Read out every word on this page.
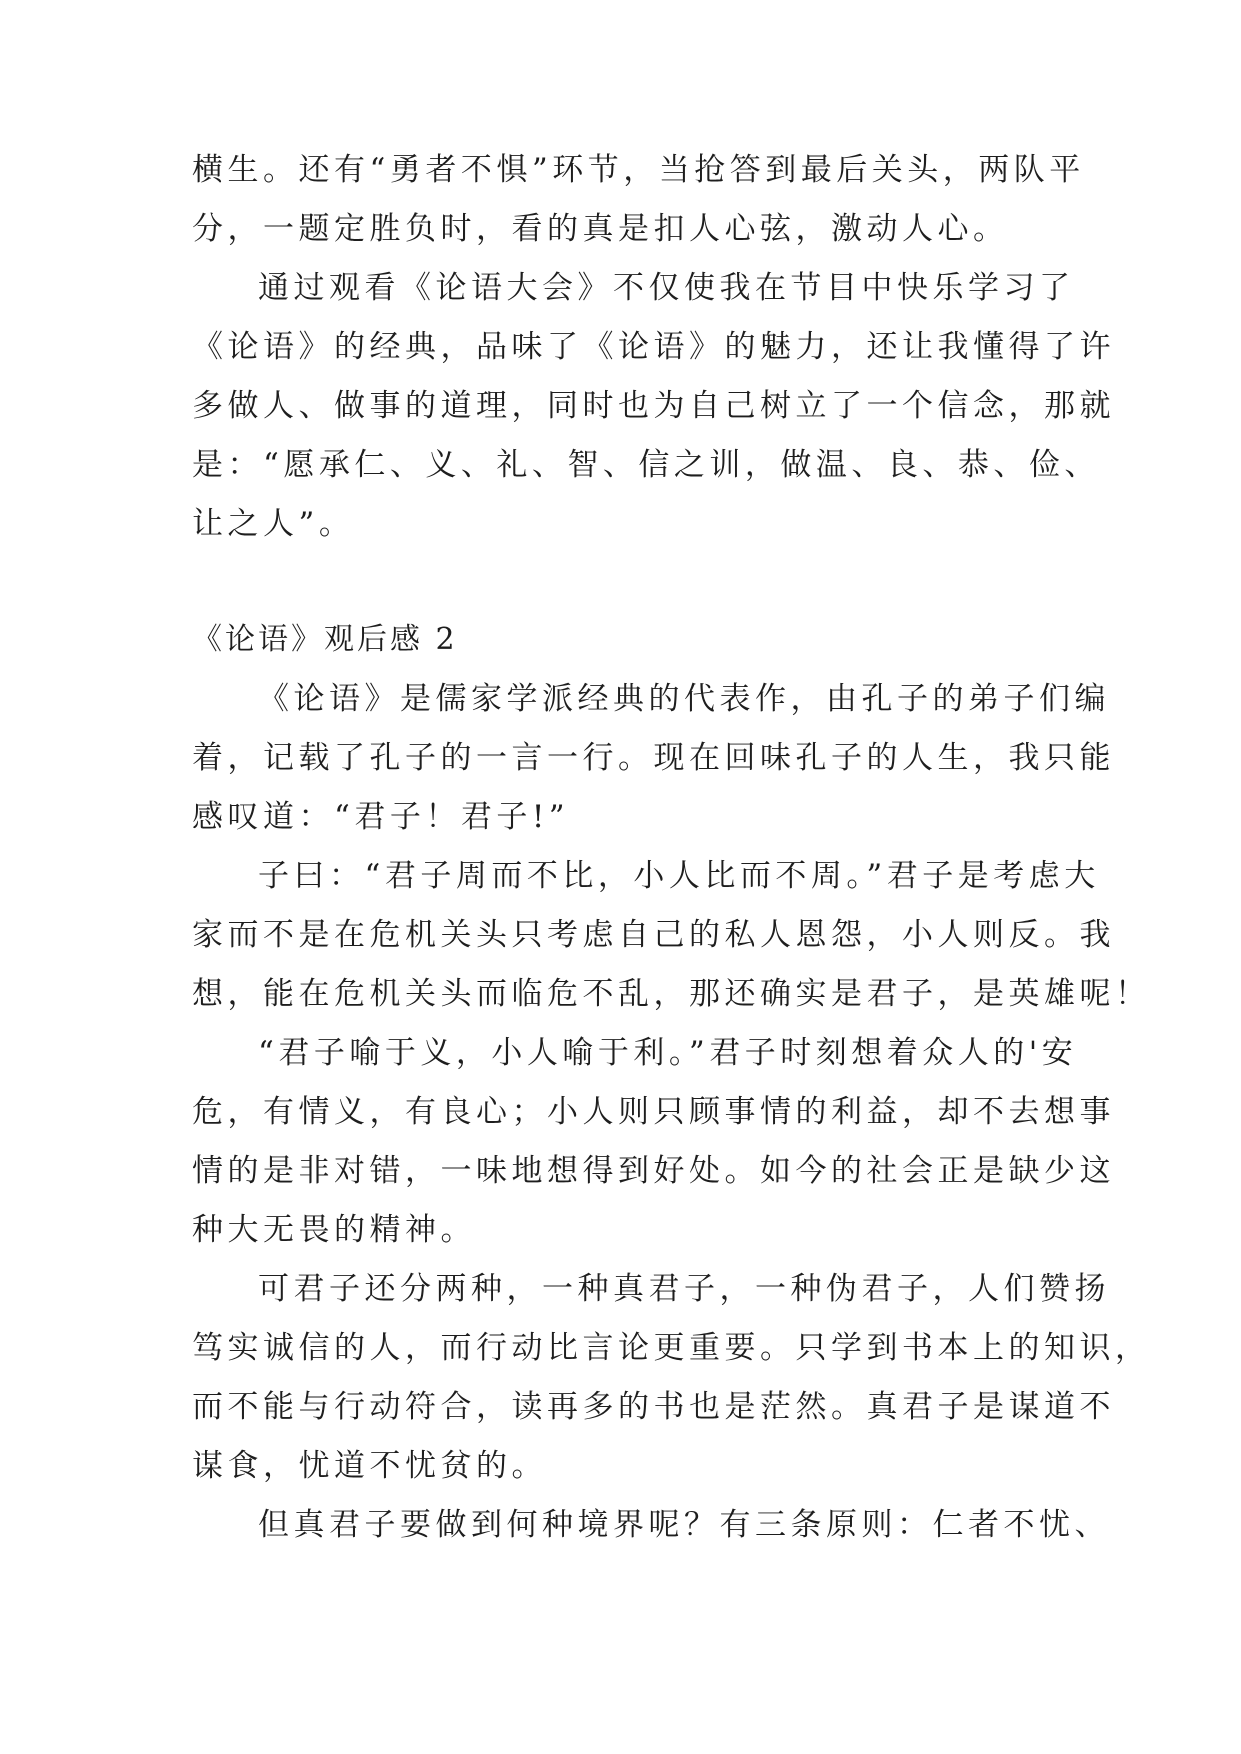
横生。还有“勇者不惧”环节，当抢答到最后关头，两队平
分，一题定胜负时，看的真是扣人心弦，激动人心。
通过观看《论语大会》不仅使我在节目中快乐学习了
《论语》的经典，品味了《论语》的魅力，还让我懂得了许
多做人、做事的道理，同时也为自己树立了一个信念，那就
是：“愿承仁、义、礼、智、信之训，做温、良、恭、俭、
让之人”。
《论语》观后感 2
《论语》是儒家学派经典的代表作，由孔子的弟子们编
着，记载了孔子的一言一行。现在回味孔子的人生，我只能
感叹道：“君子！君子!”
子曰：“君子周而不比，小人比而不周。”君子是考虑大
家而不是在危机关头只考虑自己的私人恩怨，小人则反。我
想，能在危机关头而临危不乱，那还确实是君子，是英雄呢！
“君子喻于义，小人喻于利。”君子时刻想着众人的'安
危，有情义，有良心；小人则只顾事情的利益，却不去想事
情的是非对错，一味地想得到好处。如今的社会正是缺少这
种大无畏的精神。
可君子还分两种，一种真君子，一种伪君子，人们赞扬
笃实诚信的人，而行动比言论更重要。只学到书本上的知识，
而不能与行动符合，读再多的书也是茫然。真君子是谋道不
谋食，忧道不忧贫的。
但真君子要做到何种境界呢？有三条原则：仁者不忧、
